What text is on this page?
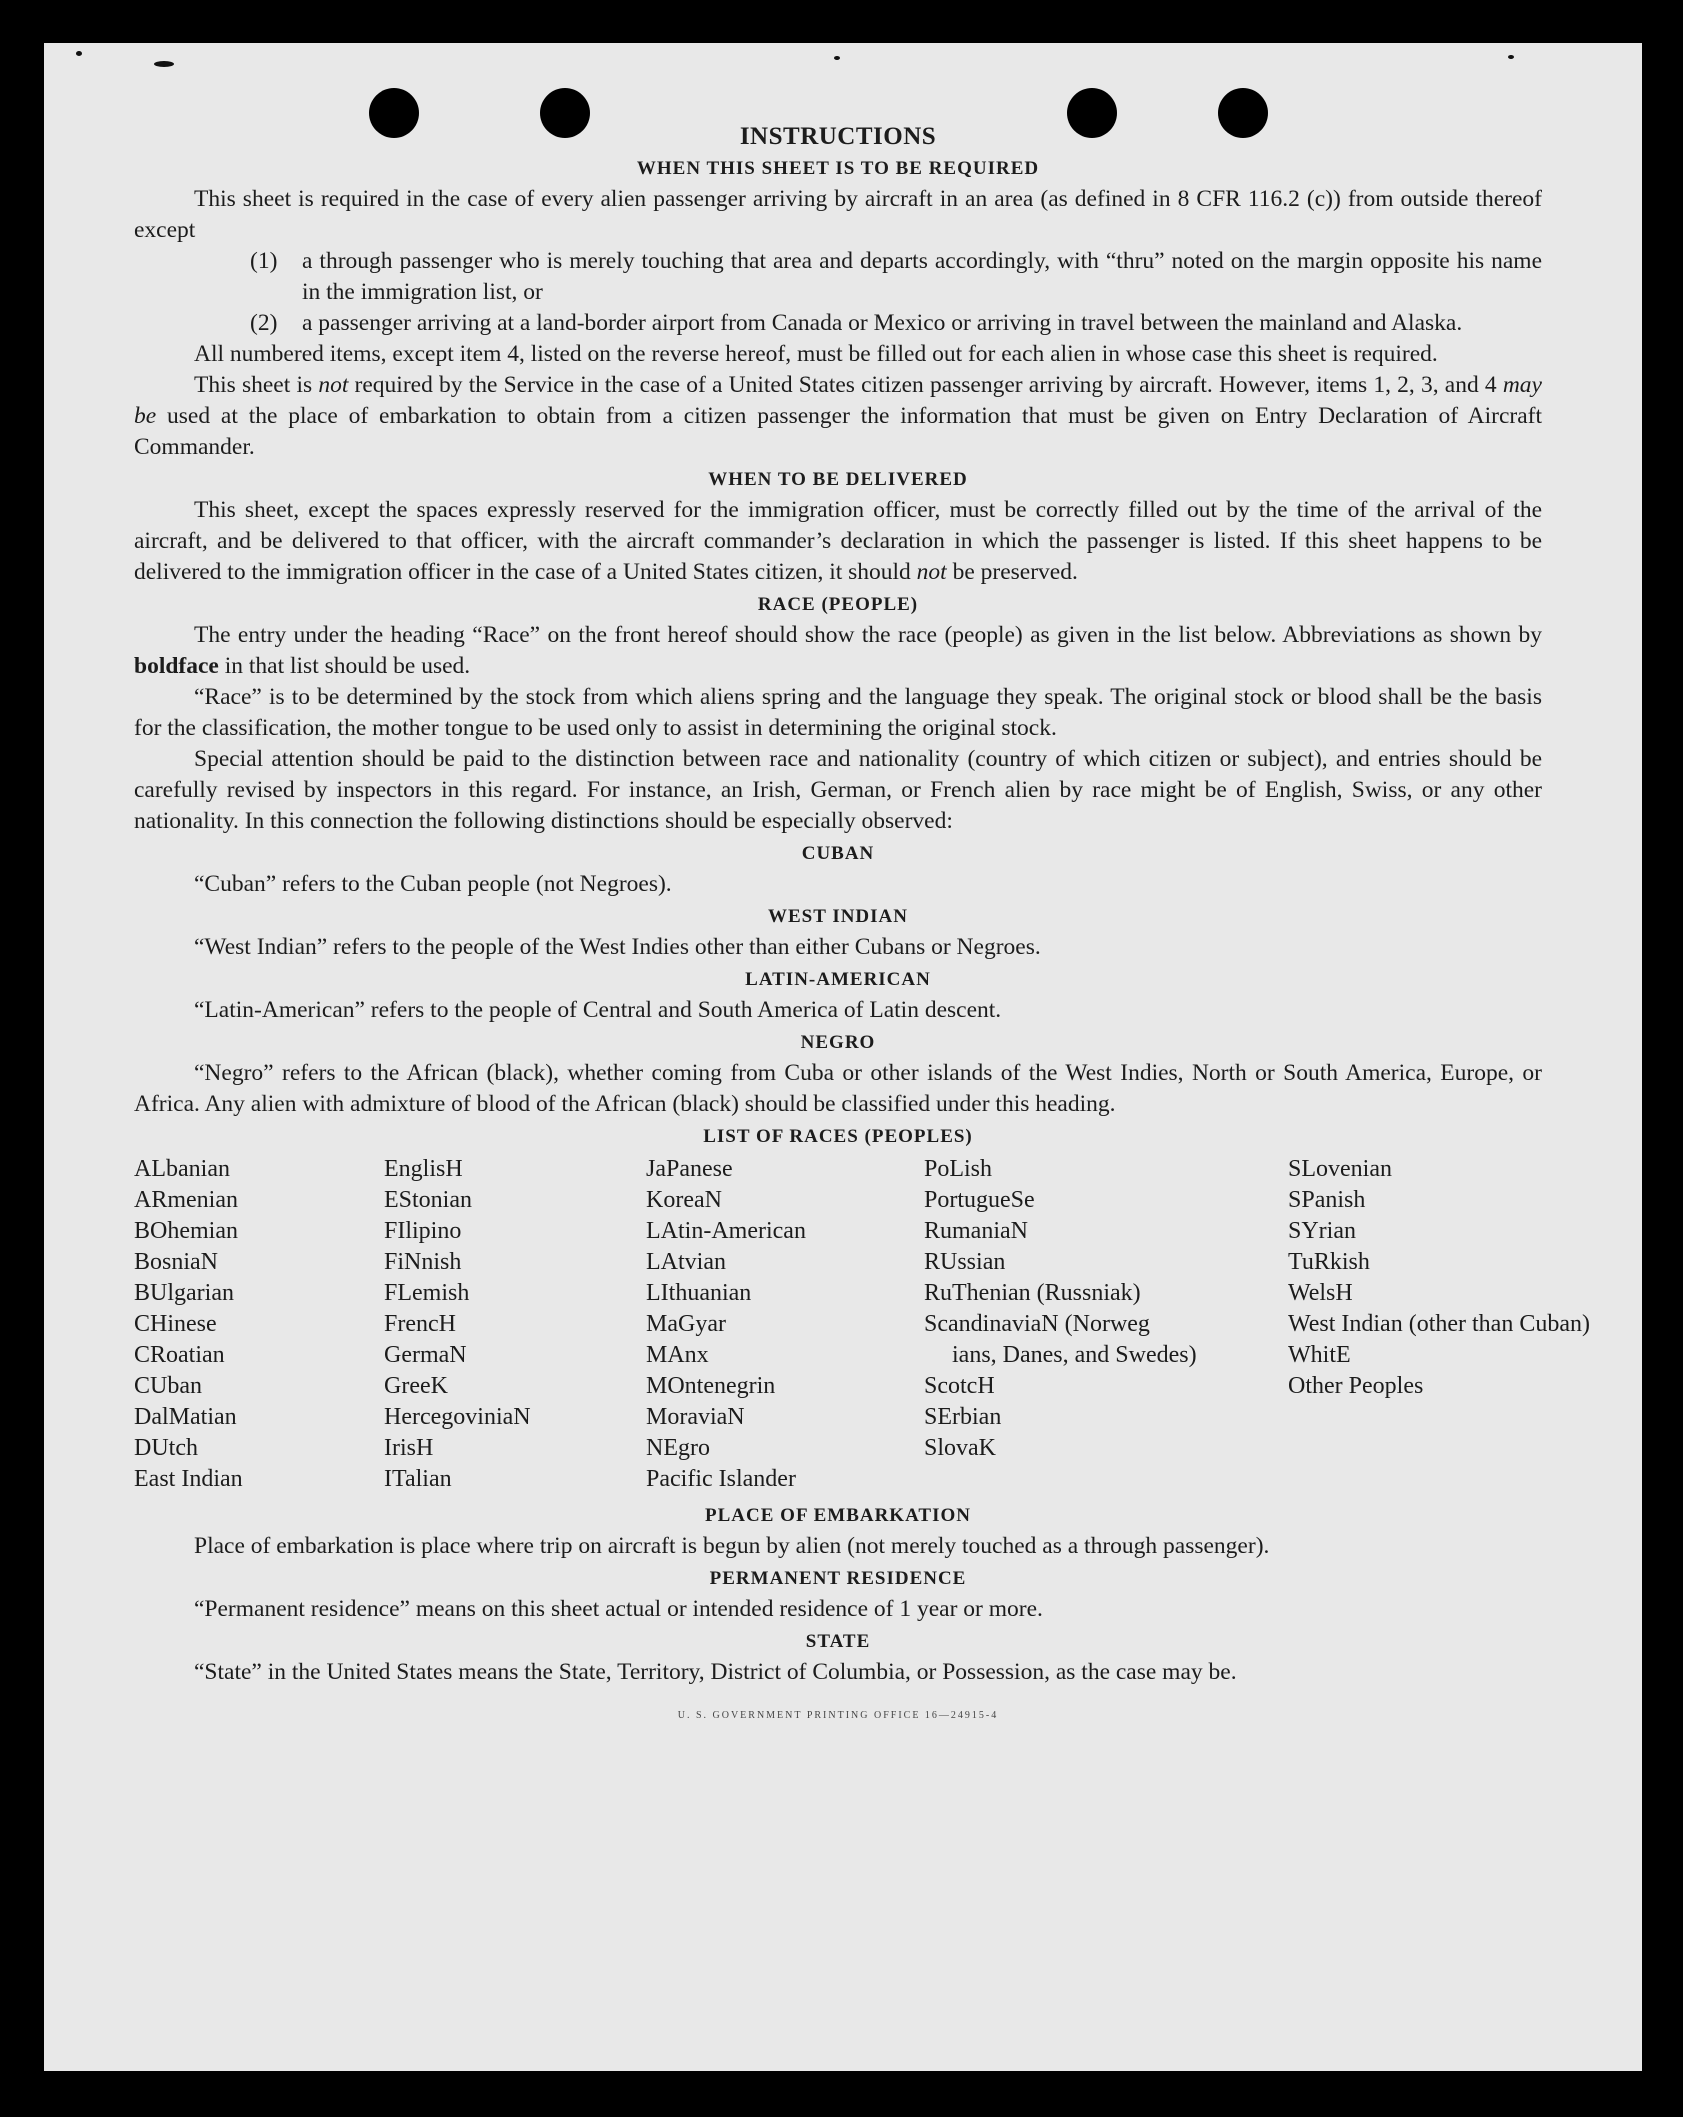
INSTRUCTIONS
WHEN THIS SHEET IS TO BE REQUIRED

This sheet is required in the case of every alien passenger arriving by aircraft in an area (as defined in 8 CFR 116.2 (c)) from outside thereof except

(1)	a through passenger who is merely touching that area and departs accordingly, with “thru” noted on the margin opposite his name in the immigration list, or
(2)	a passenger arriving at a land-border airport from Canada or Mexico or arriving in travel between the mainland and Alaska.

All numbered items, except item 4, listed on the reverse hereof, must be filled out for each alien in whose case this sheet is required.

This sheet is not required by the Service in the case of a United States citizen passenger arriving by aircraft. However, items 1, 2, 3, and 4 may be used at the place of embarkation to obtain from a citizen passenger the information that must be given on Entry Declaration of Aircraft Commander.

WHEN TO BE DELIVERED

This sheet, except the spaces expressly reserved for the immigration officer, must be correctly filled out by the time of the arrival of the aircraft, and be delivered to that officer, with the aircraft commander’s declaration in which the passenger is listed. If this sheet happens to be delivered to the immigration officer in the case of a United States citizen, it should not be preserved.

RACE (PEOPLE)

The entry under the heading “Race” on the front hereof should show the race (people) as given in the list below. Abbreviations as shown by boldface in that list should be used.

“Race” is to be determined by the stock from which aliens spring and the language they speak. The original stock or blood shall be the basis for the classification, the mother tongue to be used only to assist in determining the original stock.

Special attention should be paid to the distinction between race and nationality (country of which citizen or subject), and entries should be carefully revised by inspectors in this regard. For instance, an Irish, German, or French alien by race might be of English, Swiss, or any other nationality. In this connection the following distinctions should be especially observed:

CUBAN

“Cuban” refers to the Cuban people (not Negroes).

WEST INDIAN

“West Indian” refers to the people of the West Indies other than either Cubans or Negroes.

LATIN-AMERICAN

“Latin-American” refers to the people of Central and South America of Latin descent.

NEGRO

“Negro” refers to the African (black), whether coming from Cuba or other islands of the West Indies, North or South America, Europe, or Africa. Any alien with admixture of blood of the African (black) should be classified under this heading.

LIST OF RACES (PEOPLES)
ALbanian
ARmenian
BOhemian
BosniaN
BUlgarian
CHinese
CRoatian
CUban
DalMatian
DUtch
East Indian
EnglisH
EStonian
FIlipino
FiNnish
FLemish
FrencH
GermaN
GreeK
HercegoviniaN
IrisH
ITalian
JaPanese
KoreaN
LAtin-American
LAtvian
LIthuanian
MaGyar
MAnx
MOntenegrin
MoraviaN
NEgro
Pacific Islander
PoLish
PortugueSe
RumaniaN
RUssian
RuThenian (Russniak)
ScandinaviaN (Norweg
ians, Danes, and Swedes)
ScotcH
SErbian
SlovaK
SLovenian
SPanish
SYrian
TuRkish
WelsH
West Indian (other than Cuban)
WhitE
Other Peoples
PLACE OF EMBARKATION

Place of embarkation is place where trip on aircraft is begun by alien (not merely touched as a through passenger).

PERMANENT RESIDENCE

“Permanent residence” means on this sheet actual or intended residence of 1 year or more.

STATE

“State” in the United States means the State, Territory, District of Columbia, or Possession, as the case may be.

U. S. GOVERNMENT PRINTING OFFICE 16—24915-4
